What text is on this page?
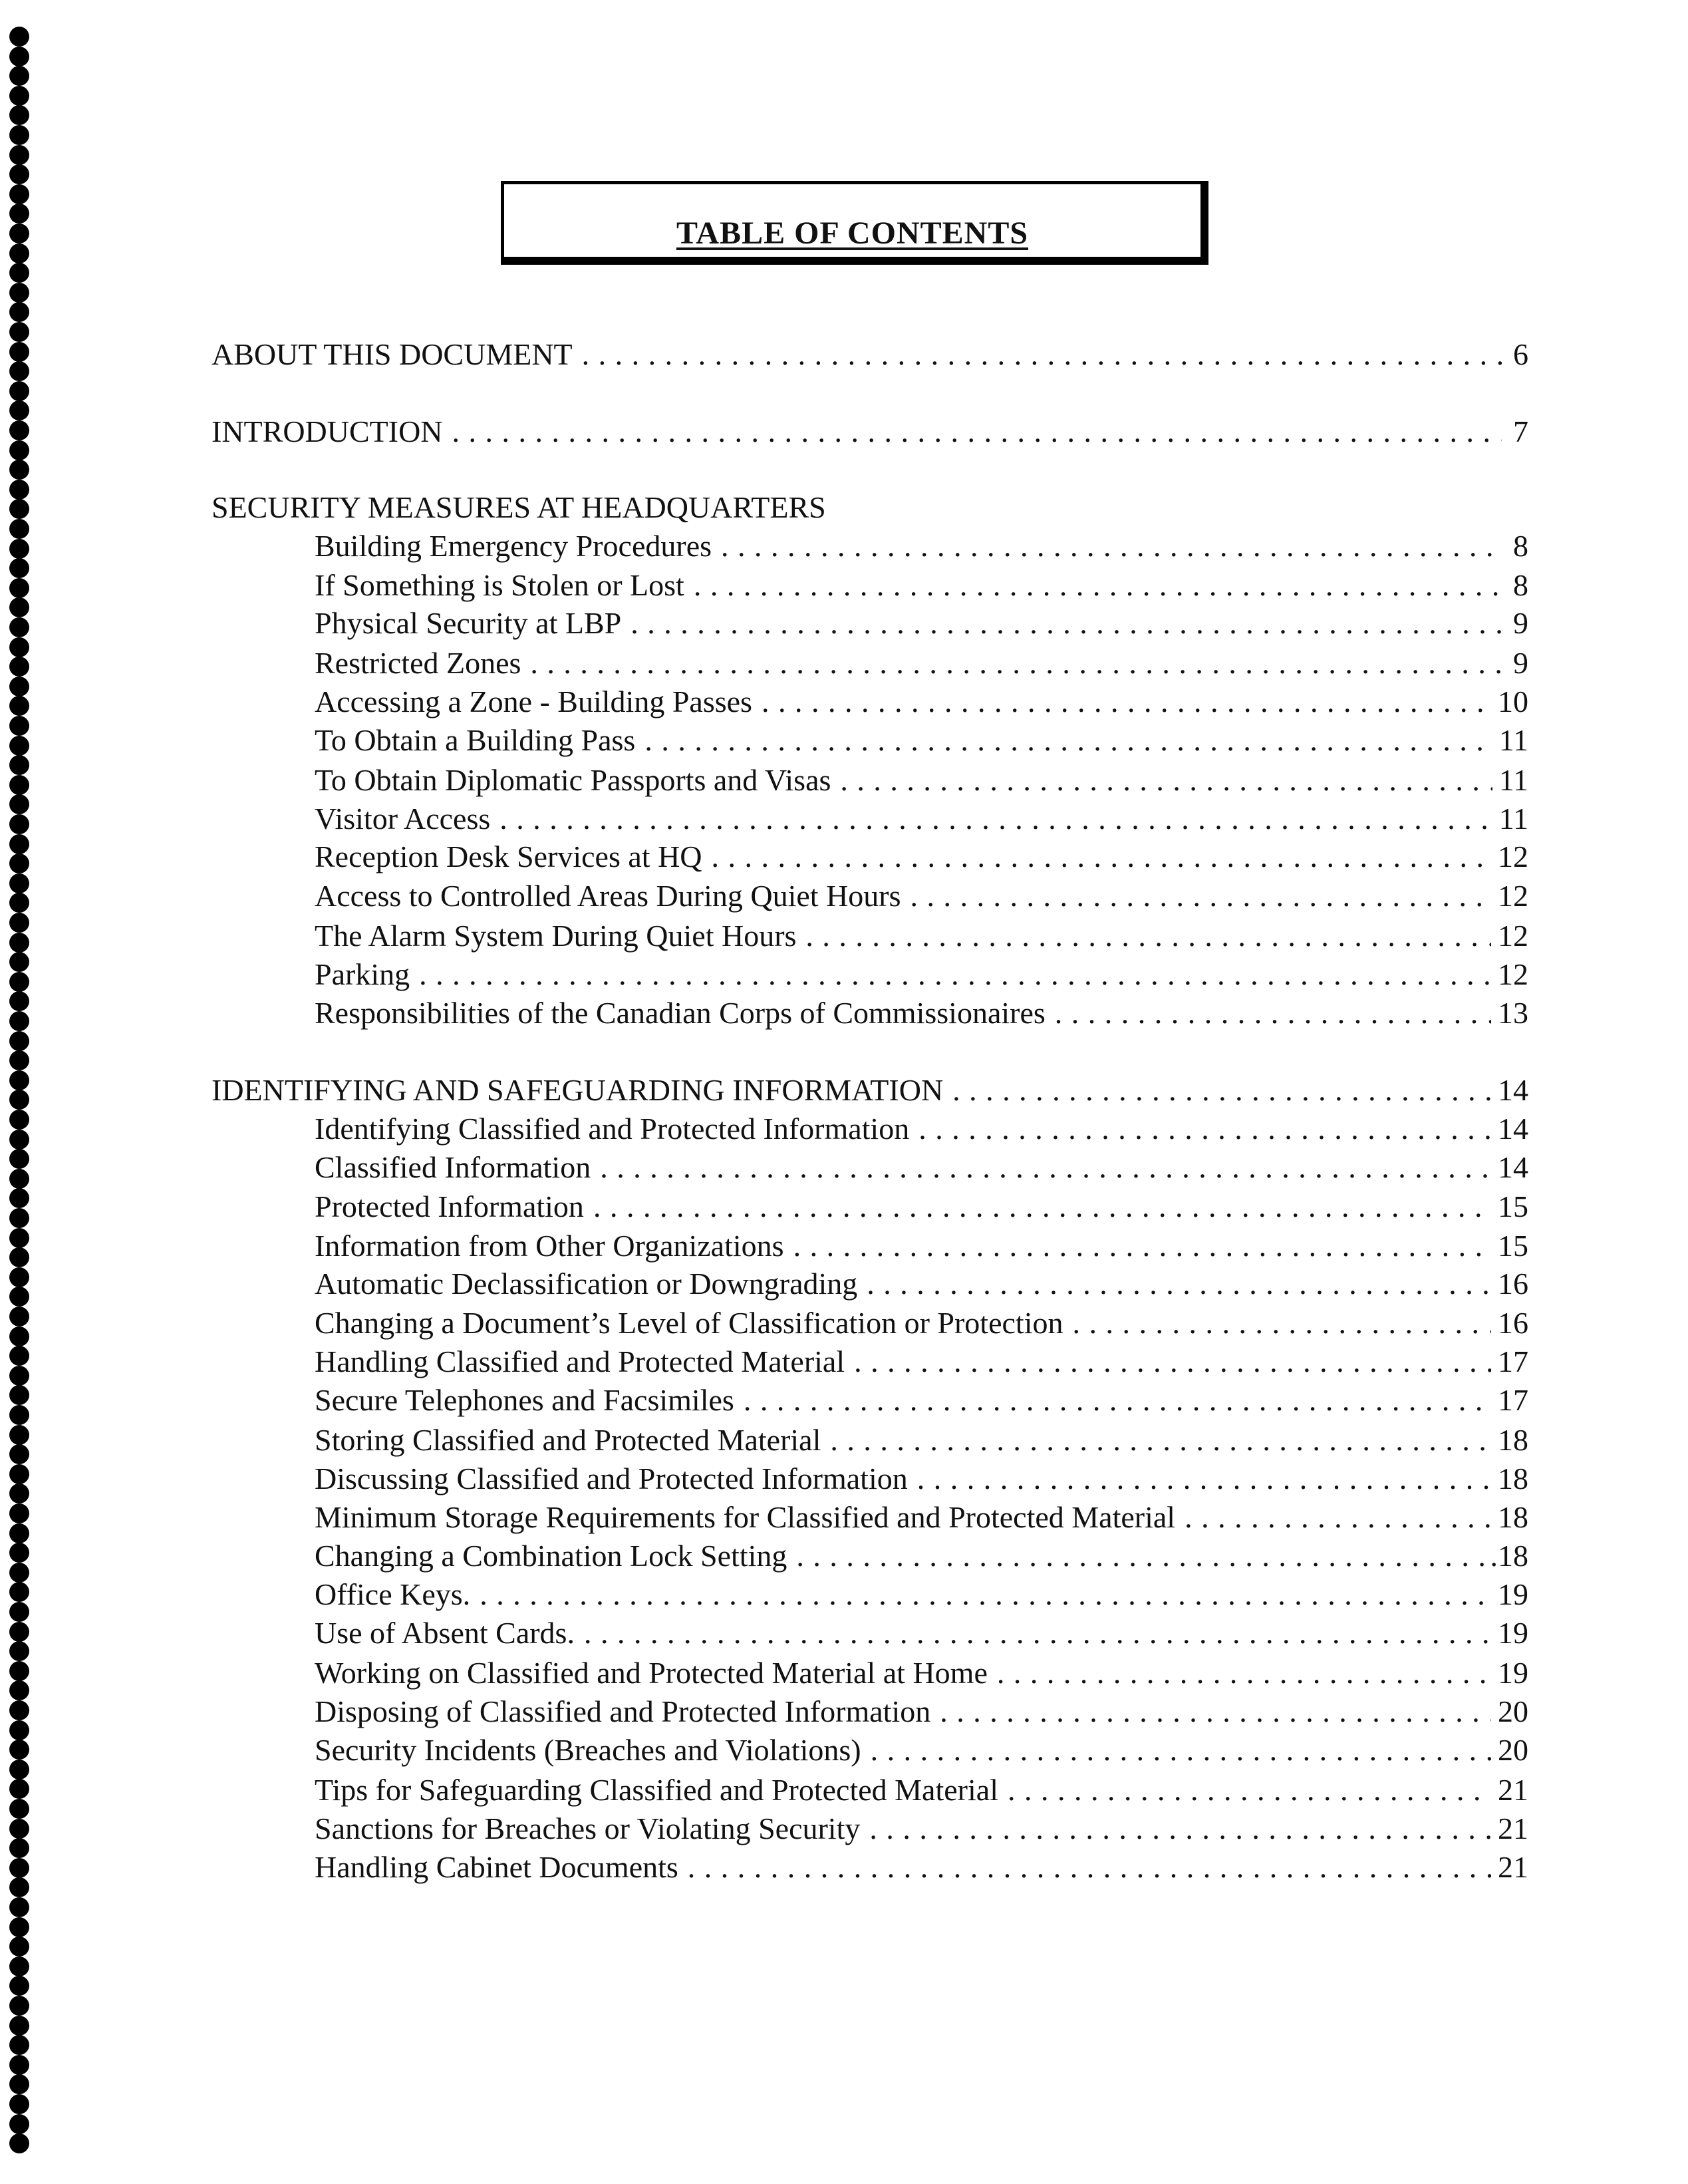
TABLE OF CONTENTS
ABOUT THIS DOCUMENT . . .	6
INTRODUCTION . . .	7
SECURITY MEASURES AT HEADQUARTERS
Building Emergency Procedures . . .	8
If Something is Stolen or Lost . . .	8
Physical Security at LBP . . .	9
Restricted Zones . . .	9
Accessing a Zone - Building Passes . . .	10
To Obtain a Building Pass . . .	11
To Obtain Diplomatic Passports and Visas . . .	11
Visitor Access . . .	11
Reception Desk Services at HQ . . .	12
Access to Controlled Areas During Quiet Hours . . .	12
The Alarm System During Quiet Hours . . .	12
Parking . . .	12
Responsibilities of the Canadian Corps of Commissionaires . . .	13
IDENTIFYING AND SAFEGUARDING INFORMATION . . .	14
Identifying Classified and Protected Information . . .	14
Classified Information . . .	14
Protected Information . . .	15
Information from Other Organizations . . .	15
Automatic Declassification or Downgrading . . .	16
Changing a Document’s Level of Classification or Protection . . .	16
Handling Classified and Protected Material . . .	17
Secure Telephones and Facsimiles . . .	17
Storing Classified and Protected Material . . .	18
Discussing Classified and Protected Information . . .	18
Minimum Storage Requirements for Classified and Protected Material . . .	18
Changing a Combination Lock Setting . . .	.18
Office Keys. . . .	19
Use of Absent Cards. . . .	19
Working on Classified and Protected Material at Home . . .	19
Disposing of Classified and Protected Information . . .	20
Security Incidents (Breaches and Violations) . . .	20
Tips for Safeguarding Classified and Protected Material . . .	21
Sanctions for Breaches or Violating Security . . .	21
Handling Cabinet Documents . . .	21
